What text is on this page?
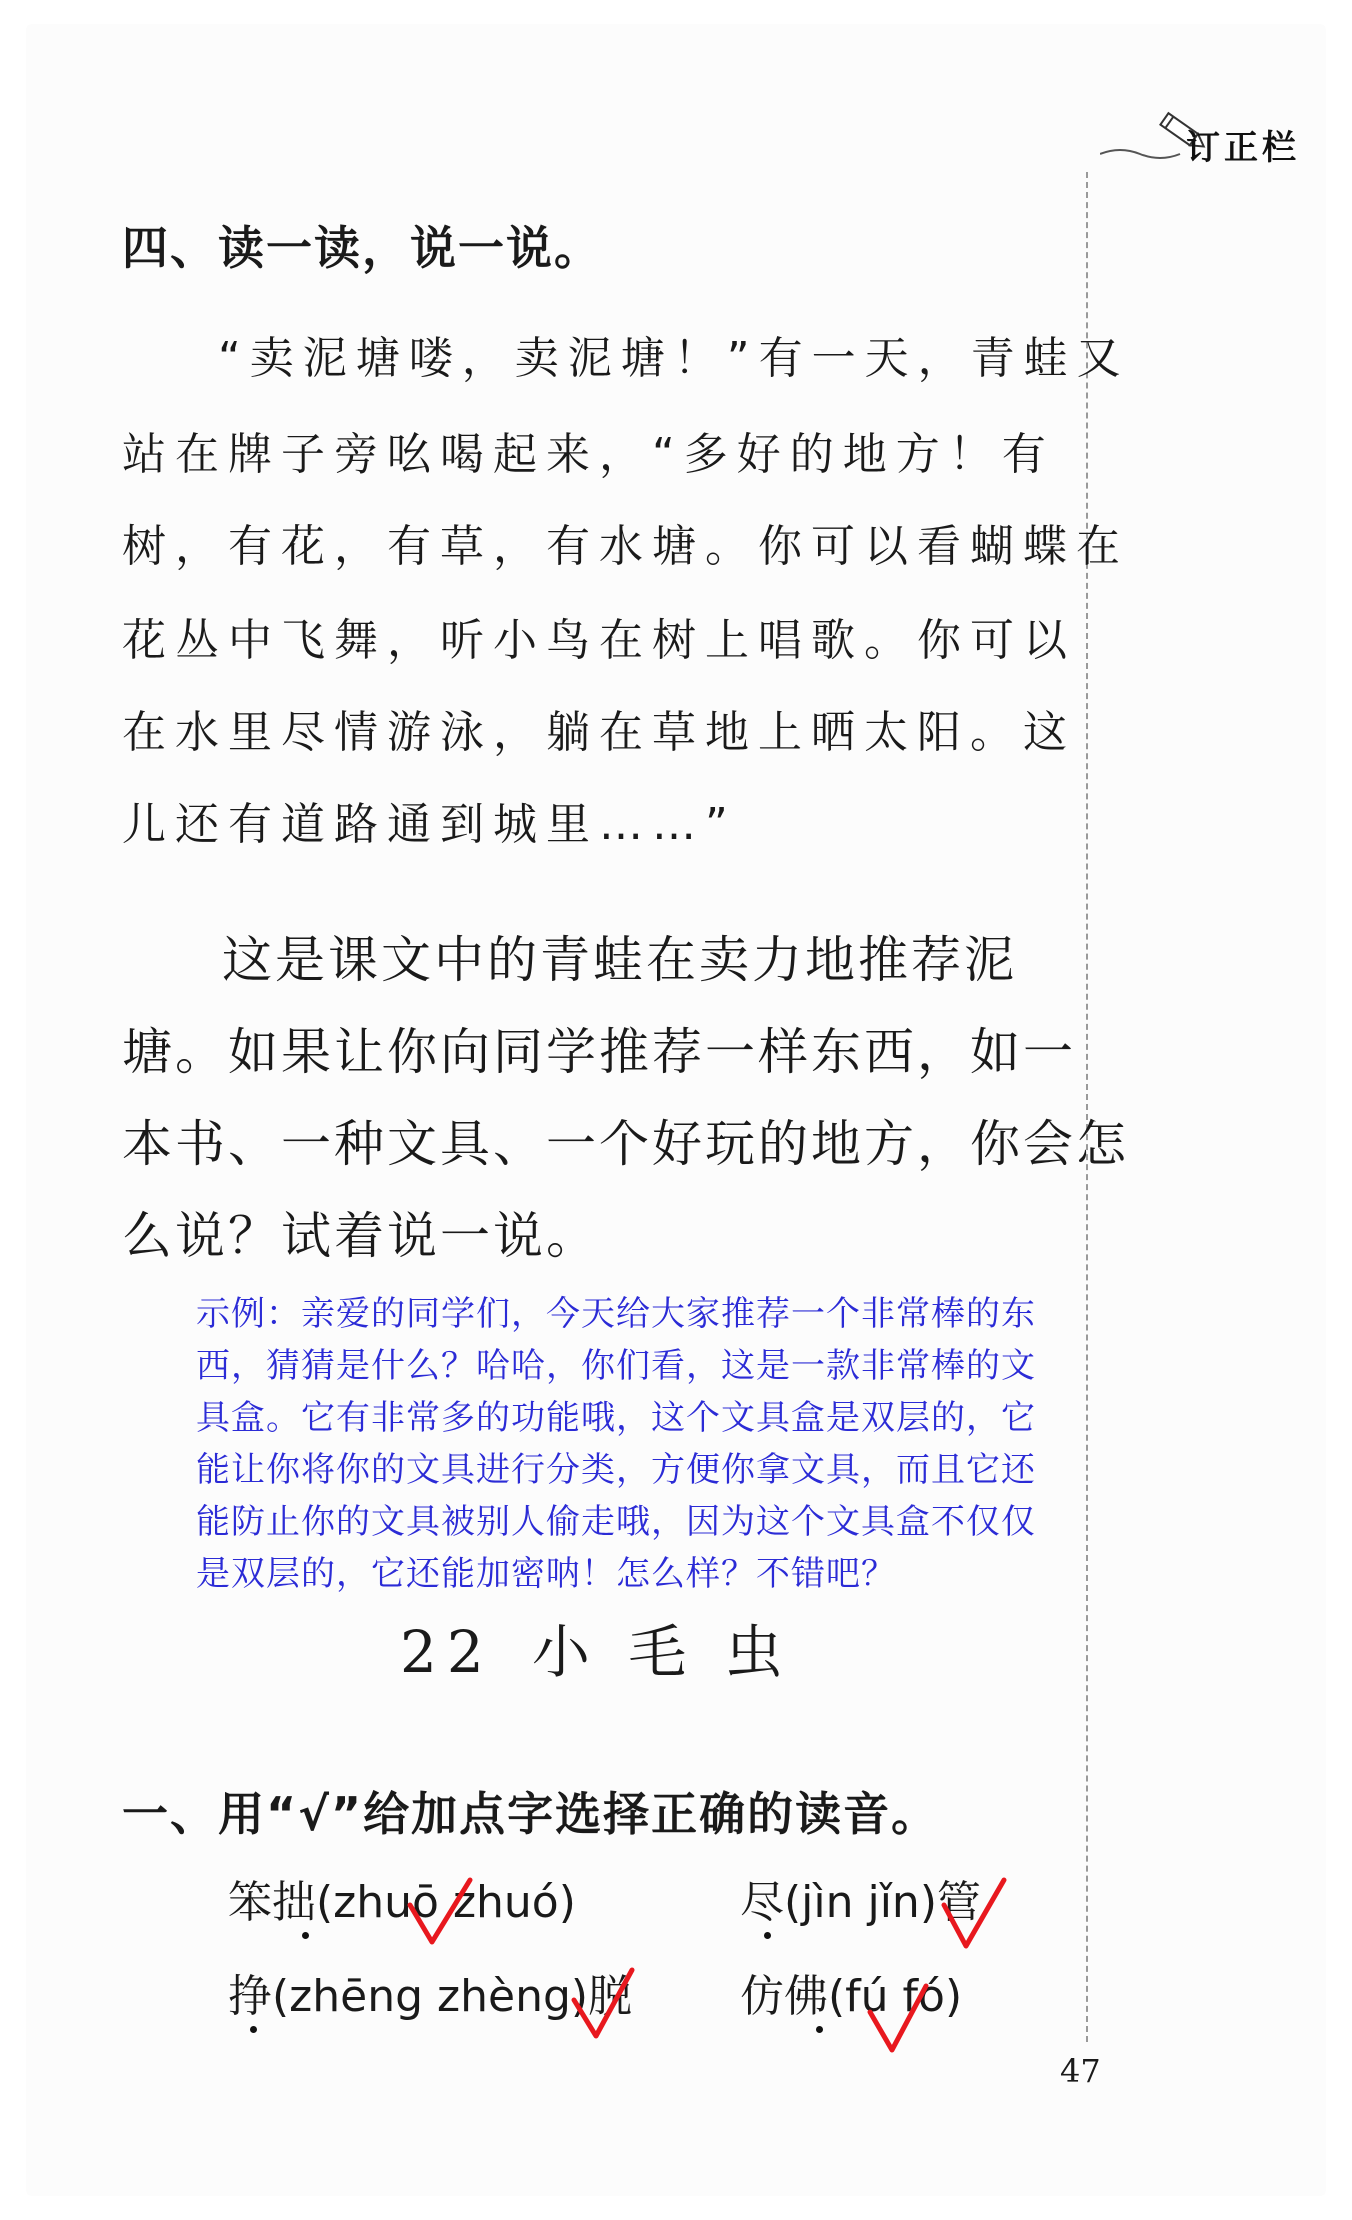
订正栏
四、读一读，说一说。
“卖泥塘喽，卖泥塘！”有一天，青蛙又
站在牌子旁吆喝起来，“多好的地方！有
树，有花，有草，有水塘。你可以看蝴蝶在
花丛中飞舞，听小鸟在树上唱歌。你可以
在水里尽情游泳，躺在草地上晒太阳。这
儿还有道路通到城里……”
这是课文中的青蛙在卖力地推荐泥
塘。如果让你向同学推荐一样东西，如一
本书、一种文具、一个好玩的地方，你会怎
么说？试着说一说。
示例：亲爱的同学们，今天给大家推荐一个非常棒的东
西，猜猜是什么？哈哈，你们看，这是一款非常棒的文
具盒。它有非常多的功能哦，这个文具盒是双层的，它
能让你将你的文具进行分类，方便你拿文具，而且它还
能防止你的文具被别人偷走哦，因为这个文具盒不仅仅
是双层的，它还能加密呐！怎么样？不错吧？
22 小 毛 虫
一、用“√”给加点字选择正确的读音。
笨拙(zhuō zhuó)	尽(jìn jǐn)管
挣(zhēng zhèng)脱 仿佛(fú fó)
47
